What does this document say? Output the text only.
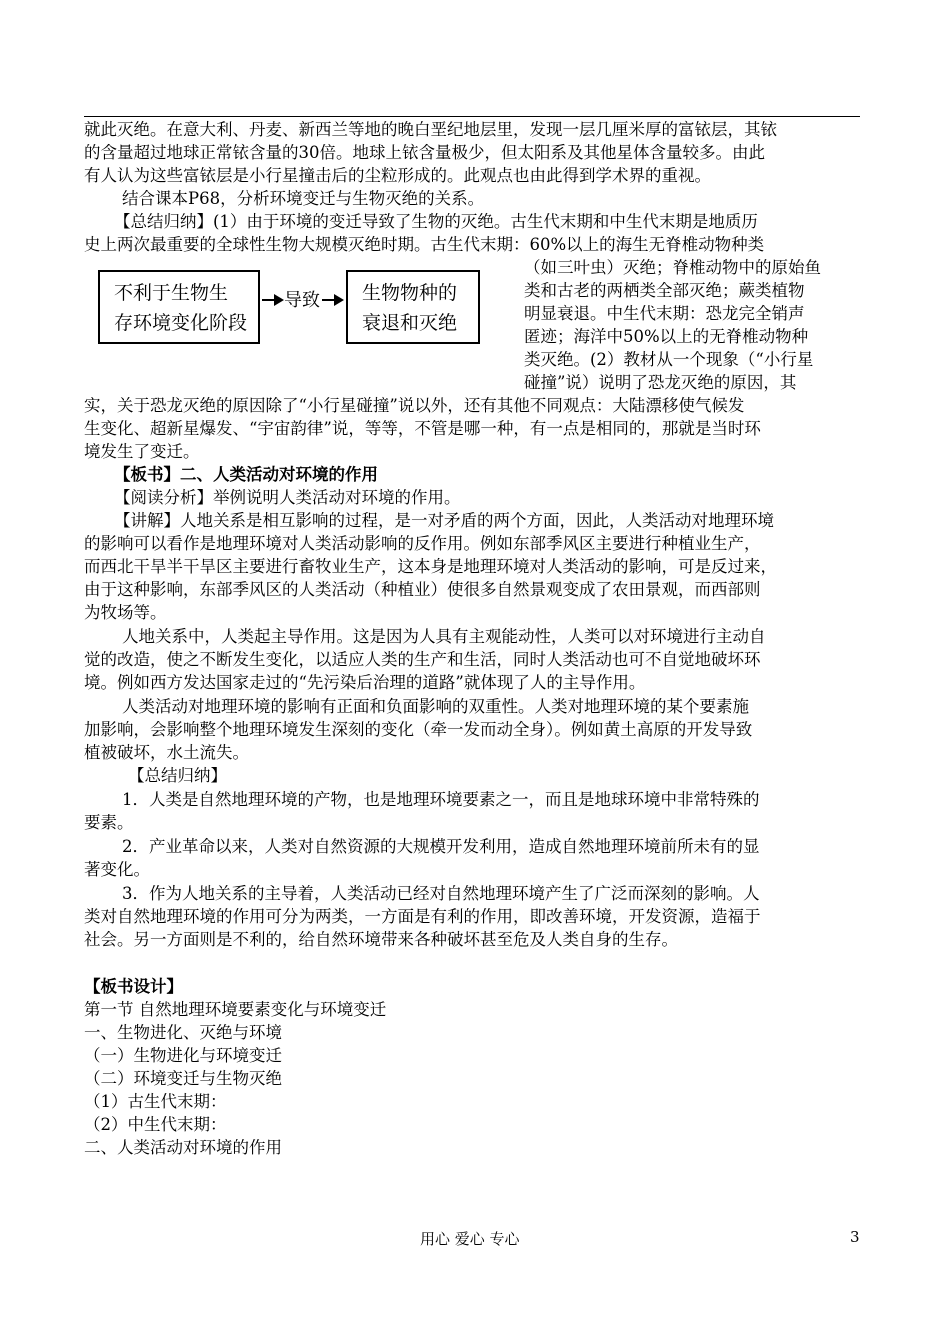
就此灭绝。在意大利、丹麦、新西兰等地的晚白垩纪地层里，发现一层几厘米厚的富铱层，其铱
的含量超过地球正常铱含量的30倍。地球上铱含量极少，但太阳系及其他星体含量较多。由此
有人认为这些富铱层是小行星撞击后的尘粒形成的。此观点也由此得到学术界的重视。
结合课本P68，分析环境变迁与生物灭绝的关系。
【总结归纳】(1）由于环境的变迁导致了生物的灭绝。古生代末期和中生代末期是地质历
史上两次最重要的全球性生物大规模灭绝时期。古生代末期：60%以上的海生无脊椎动物种类
不利于生物生
存环境变化阶段
导致 生物物种的
衰退和灭绝
（如三叶虫）灭绝；脊椎动物中的原始鱼
类和古老的两栖类全部灭绝；蕨类植物
明显衰退。中生代末期：恐龙完全销声
匿迹；海洋中50%以上的无脊椎动物种
类灭绝。(2）教材从一个现象（“小行星
碰撞”说）说明了恐龙灭绝的原因，其
实，关于恐龙灭绝的原因除了“小行星碰撞”说以外，还有其他不同观点：大陆漂移使气候发
生变化、超新星爆发、“宇宙韵律”说，等等，不管是哪一种，有一点是相同的，那就是当时环
境发生了变迁。
【板书】二、人类活动对环境的作用
【阅读分析】举例说明人类活动对环境的作用。
【讲解】人地关系是相互影响的过程，是一对矛盾的两个方面，因此，人类活动对地理环境
的影响可以看作是地理环境对人类活动影响的反作用。例如东部季风区主要进行种植业生产，
而西北干旱半干旱区主要进行畜牧业生产，这本身是地理环境对人类活动的影响，可是反过来，
由于这种影响，东部季风区的人类活动（种植业）使很多自然景观变成了农田景观，而西部则
为牧场等。
人地关系中，人类起主导作用。这是因为人具有主观能动性，人类可以对环境进行主动自
觉的改造，使之不断发生变化，以适应人类的生产和生活，同时人类活动也可不自觉地破坏环
境。例如西方发达国家走过的“先污染后治理的道路”就体现了人的主导作用。
人类活动对地理环境的影响有正面和负面影响的双重性。人类对地理环境的某个要素施
加影响，会影响整个地理环境发生深刻的变化（牵一发而动全身）。例如黄土高原的开发导致
植被破坏，水土流失。
【总结归纳】
1．人类是自然地理环境的产物，也是地理环境要素之一，而且是地球环境中非常特殊的
要素。
2．产业革命以来，人类对自然资源的大规模开发利用，造成自然地理环境前所未有的显
著变化。
3．作为人地关系的主导着，人类活动已经对自然地理环境产生了广泛而深刻的影响。人
类对自然地理环境的作用可分为两类，一方面是有利的作用，即改善环境，开发资源，造福于
社会。另一方面则是不利的，给自然环境带来各种破坏甚至危及人类自身的生存。
【板书设计】
第一节 自然地理环境要素变化与环境变迁
一、生物进化、灭绝与环境
（一）生物进化与环境变迁
（二）环境变迁与生物灭绝
（1）古生代末期：
（2）中生代末期：
二、人类活动对环境的作用
用心 爱心 专心	3
